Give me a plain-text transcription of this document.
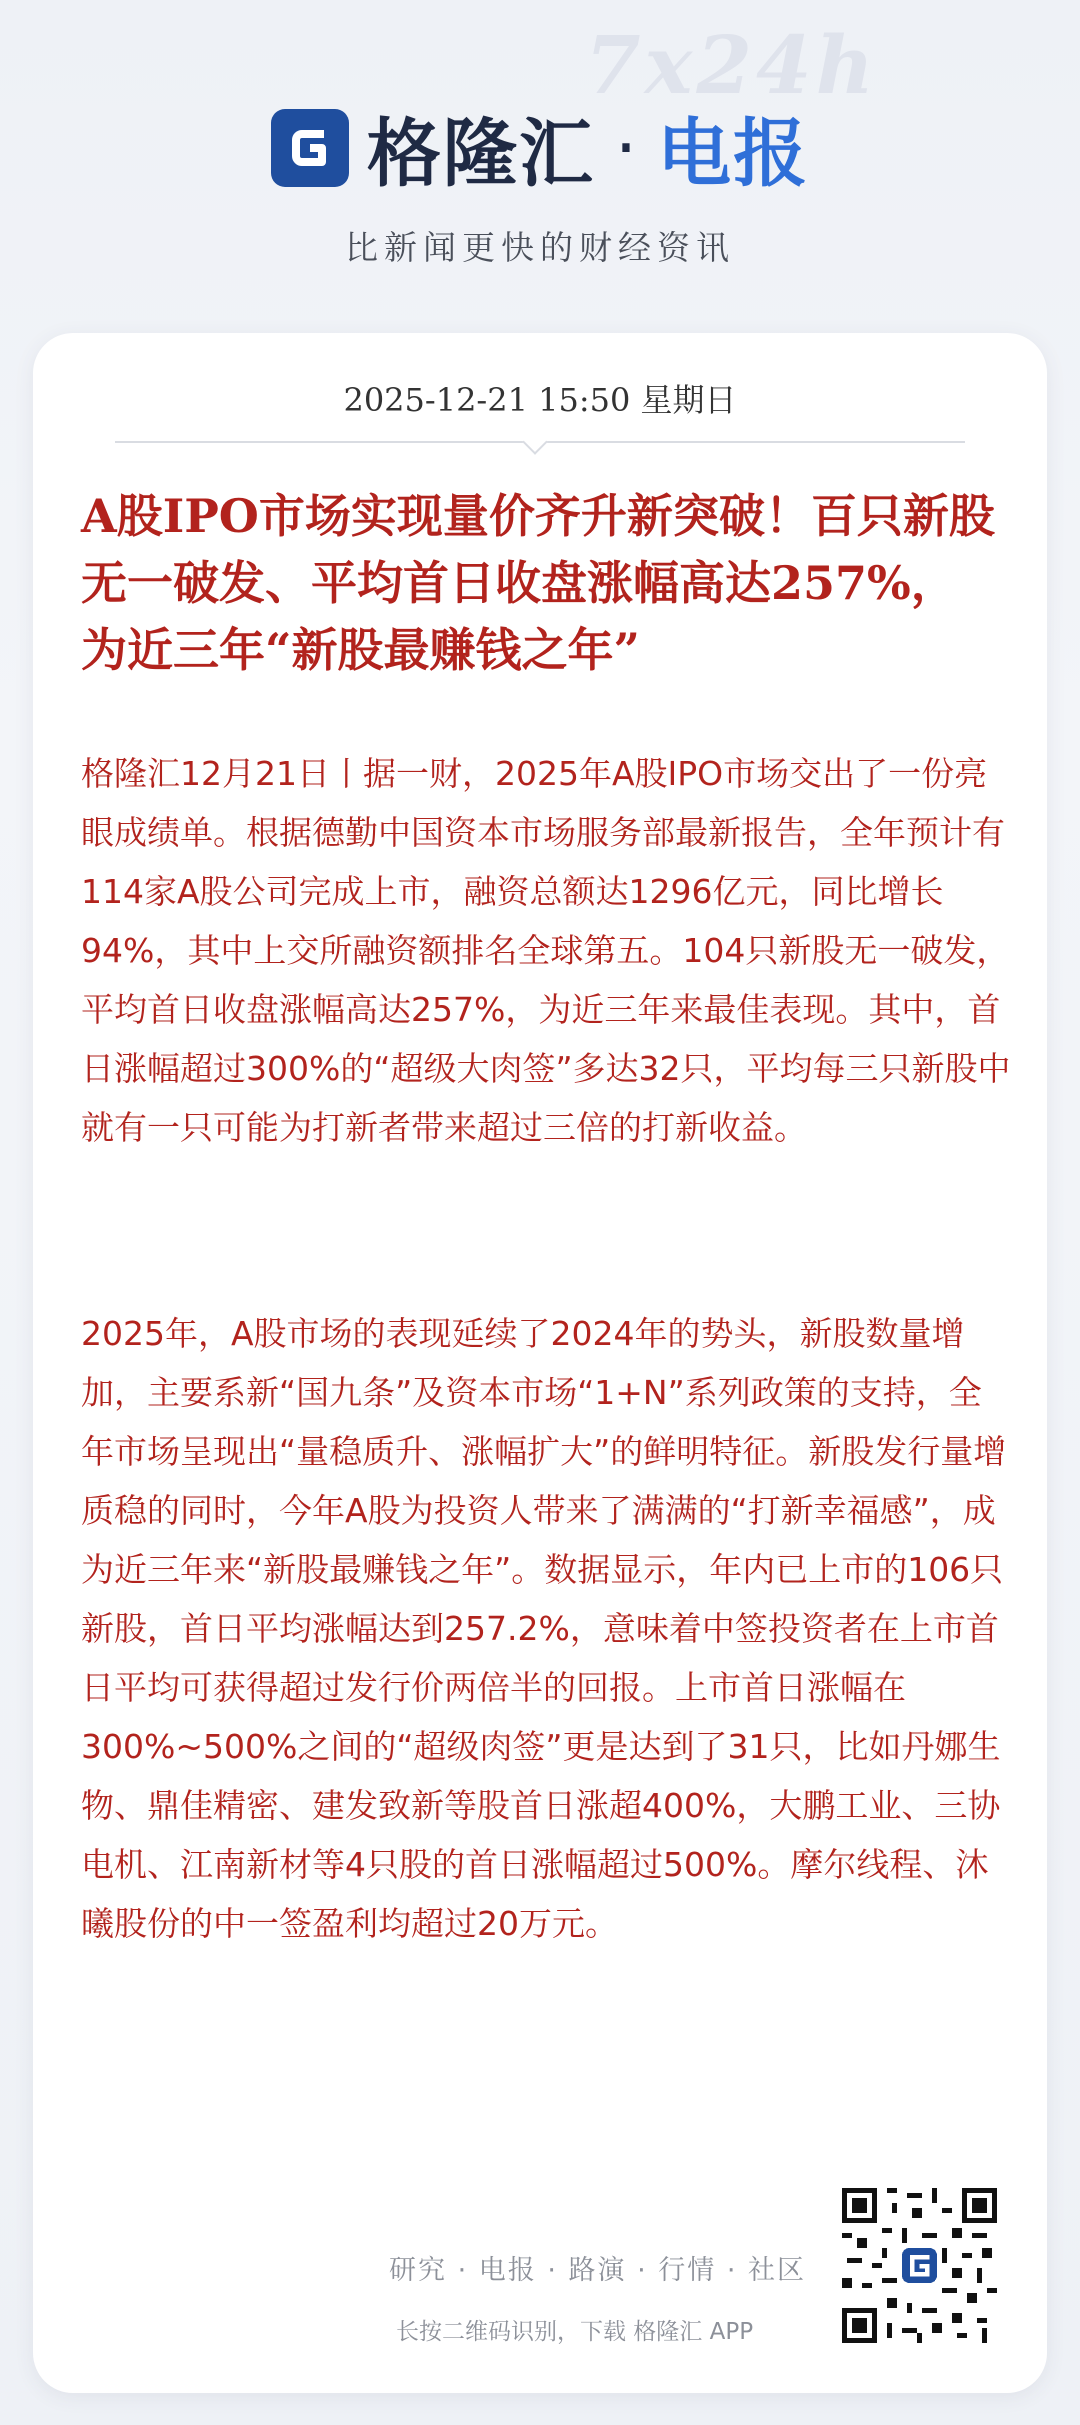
7x24h
格隆汇 · 电报
比新闻更快的财经资讯
2025-12-21 15:50 星期日
A股IPO市场实现量价齐升新突破！百只新股无一破发、平均首日收盘涨幅高达257%，为近三年“新股最赚钱之年”
格隆汇12月21日丨据一财，2025年A股IPO市场交出了一份亮眼成绩单。根据德勤中国资本市场服务部最新报告，全年预计有114家A股公司完成上市，融资总额达1296亿元，同比增长94%，其中上交所融资额排名全球第五。104只新股无一破发，平均首日收盘涨幅高达257%，为近三年来最佳表现。其中，首日涨幅超过300%的“超级大肉签”多达32只，平均每三只新股中就有一只可能为打新者带来超过三倍的打新收益。
2025年，A股市场的表现延续了2024年的势头，新股数量增加，主要系新“国九条”及资本市场“1+N”系列政策的支持，全年市场呈现出“量稳质升、涨幅扩大”的鲜明特征。新股发行量增质稳的同时，今年A股为投资人带来了满满的“打新幸福感”，成为近三年来“新股最赚钱之年”。数据显示，年内已上市的106只新股，首日平均涨幅达到257.2%，意味着中签投资者在上市首日平均可获得超过发行价两倍半的回报。上市首日涨幅在300%~500%之间的“超级肉签”更是达到了31只，比如丹娜生物、鼎佳精密、建发致新等股首日涨超400%，大鹏工业、三协电机、江南新材等4只股的首日涨幅超过500%。摩尔线程、沐曦股份的中一签盈利均超过20万元。
研究 · 电报 · 路演 · 行情 · 社区
长按二维码识别，下载 格隆汇 APP
